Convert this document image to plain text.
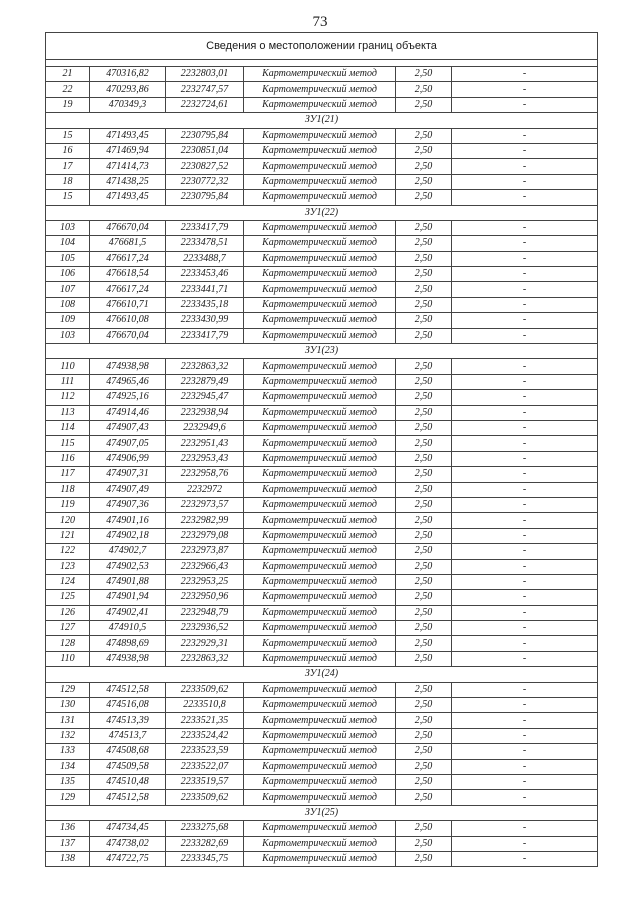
73
Сведения о местоположении границ объекта					

21	470316,82	2232803,01	Картометрический метод	2,50	-
22	470293,86	2232747,57	Картометрический метод	2,50	-
19	470349,3	2232724,61	Картометрический метод	2,50	-
ЗУ1(21)					
15	471493,45	2230795,84	Картометрический метод	2,50	-
16	471469,94	2230851,04	Картометрический метод	2,50	-
17	471414,73	2230827,52	Картометрический метод	2,50	-
18	471438,25	2230772,32	Картометрический метод	2,50	-
15	471493,45	2230795,84	Картометрический метод	2,50	-
ЗУ1(22)					
103	476670,04	2233417,79	Картометрический метод	2,50	-
104	476681,5	2233478,51	Картометрический метод	2,50	-
105	476617,24	2233488,7	Картометрический метод	2,50	-
106	476618,54	2233453,46	Картометрический метод	2,50	-
107	476617,24	2233441,71	Картометрический метод	2,50	-
108	476610,71	2233435,18	Картометрический метод	2,50	-
109	476610,08	2233430,99	Картометрический метод	2,50	-
103	476670,04	2233417,79	Картометрический метод	2,50	-
ЗУ1(23)					
110	474938,98	2232863,32	Картометрический метод	2,50	-
111	474965,46	2232879,49	Картометрический метод	2,50	-
112	474925,16	2232945,47	Картометрический метод	2,50	-
113	474914,46	2232938,94	Картометрический метод	2,50	-
114	474907,43	2232949,6	Картометрический метод	2,50	-
115	474907,05	2232951,43	Картометрический метод	2,50	-
116	474906,99	2232953,43	Картометрический метод	2,50	-
117	474907,31	2232958,76	Картометрический метод	2,50	-
118	474907,49	2232972	Картометрический метод	2,50	-
119	474907,36	2232973,57	Картометрический метод	2,50	-
120	474901,16	2232982,99	Картометрический метод	2,50	-
121	474902,18	2232979,08	Картометрический метод	2,50	-
122	474902,7	2232973,87	Картометрический метод	2,50	-
123	474902,53	2232966,43	Картометрический метод	2,50	-
124	474901,88	2232953,25	Картометрический метод	2,50	-
125	474901,94	2232950,96	Картометрический метод	2,50	-
126	474902,41	2232948,79	Картометрический метод	2,50	-
127	474910,5	2232936,52	Картометрический метод	2,50	-
128	474898,69	2232929,31	Картометрический метод	2,50	-
110	474938,98	2232863,32	Картометрический метод	2,50	-
ЗУ1(24)					
129	474512,58	2233509,62	Картометрический метод	2,50	-
130	474516,08	2233510,8	Картометрический метод	2,50	-
131	474513,39	2233521,35	Картометрический метод	2,50	-
132	474513,7	2233524,42	Картометрический метод	2,50	-
133	474508,68	2233523,59	Картометрический метод	2,50	-
134	474509,58	2233522,07	Картометрический метод	2,50	-
135	474510,48	2233519,57	Картометрический метод	2,50	-
129	474512,58	2233509,62	Картометрический метод	2,50	-
ЗУ1(25)					
136	474734,45	2233275,68	Картометрический метод	2,50	-
137	474738,02	2233282,69	Картометрический метод	2,50	-
138	474722,75	2233345,75	Картометрический метод	2,50	-
